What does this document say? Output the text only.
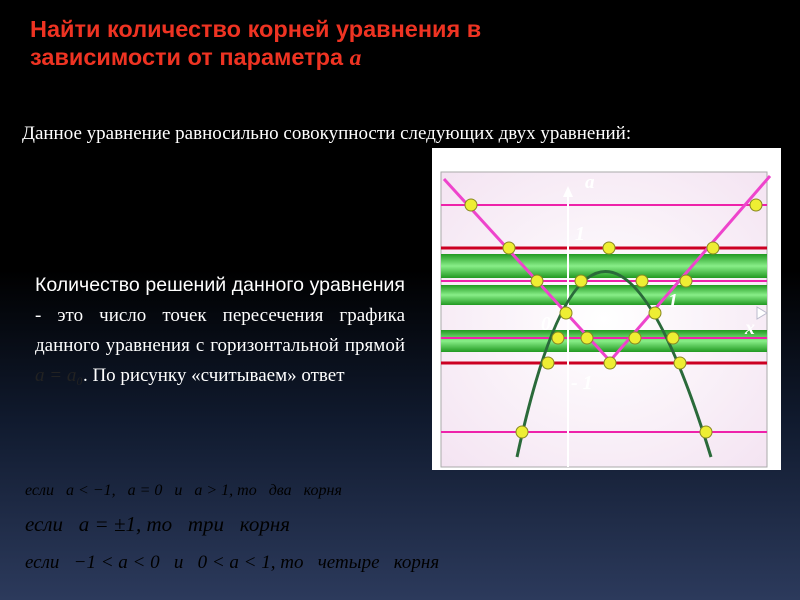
Найти количество корней уравнения в зависимости от параметра a
Данное уравнение равносильно совокупности следующих двух уравнений:
a
x
1
1
0
- 1
Количество решений данного уравнения - это число точек пересечения графика данного уравнения с горизонтальной прямой a = a₀. По рисунку «считываем» ответ

если   a < −1,   a = 0   и   a > 1, то   два   корня

если   a = ±1, то   три   корня

если   −1 < a < 0   и   0 < a < 1, то   четыре   корня
